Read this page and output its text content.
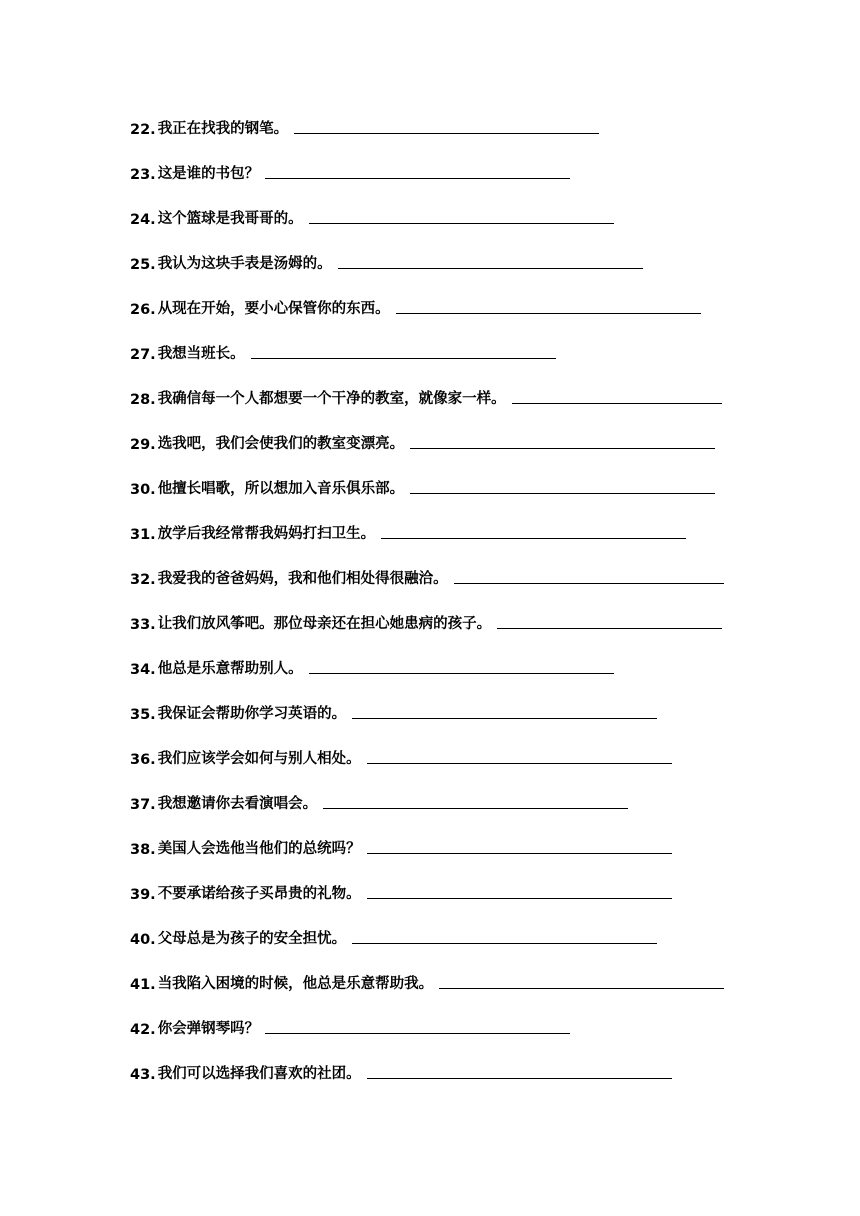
22. 我正在找我的钢笔。
23. 这是谁的书包？
24. 这个篮球是我哥哥的。
25. 我认为这块手表是汤姆的。
26. 从现在开始，要小心保管你的东西。
27. 我想当班长。
28. 我确信每一个人都想要一个干净的教室，就像家一样。
29. 选我吧，我们会使我们的教室变漂亮。
30. 他擅长唱歌，所以想加入音乐俱乐部。
31. 放学后我经常帮我妈妈打扫卫生。
32. 我爱我的爸爸妈妈，我和他们相处得很融洽。
33. 让我们放风筝吧。那位母亲还在担心她患病的孩子。
34. 他总是乐意帮助别人。
35. 我保证会帮助你学习英语的。
36. 我们应该学会如何与别人相处。
37. 我想邀请你去看演唱会。
38. 美国人会选他当他们的总统吗？
39. 不要承诺给孩子买昂贵的礼物。
40. 父母总是为孩子的安全担忧。
41. 当我陷入困境的时候，他总是乐意帮助我。
42. 你会弹钢琴吗？
43. 我们可以选择我们喜欢的社团。
